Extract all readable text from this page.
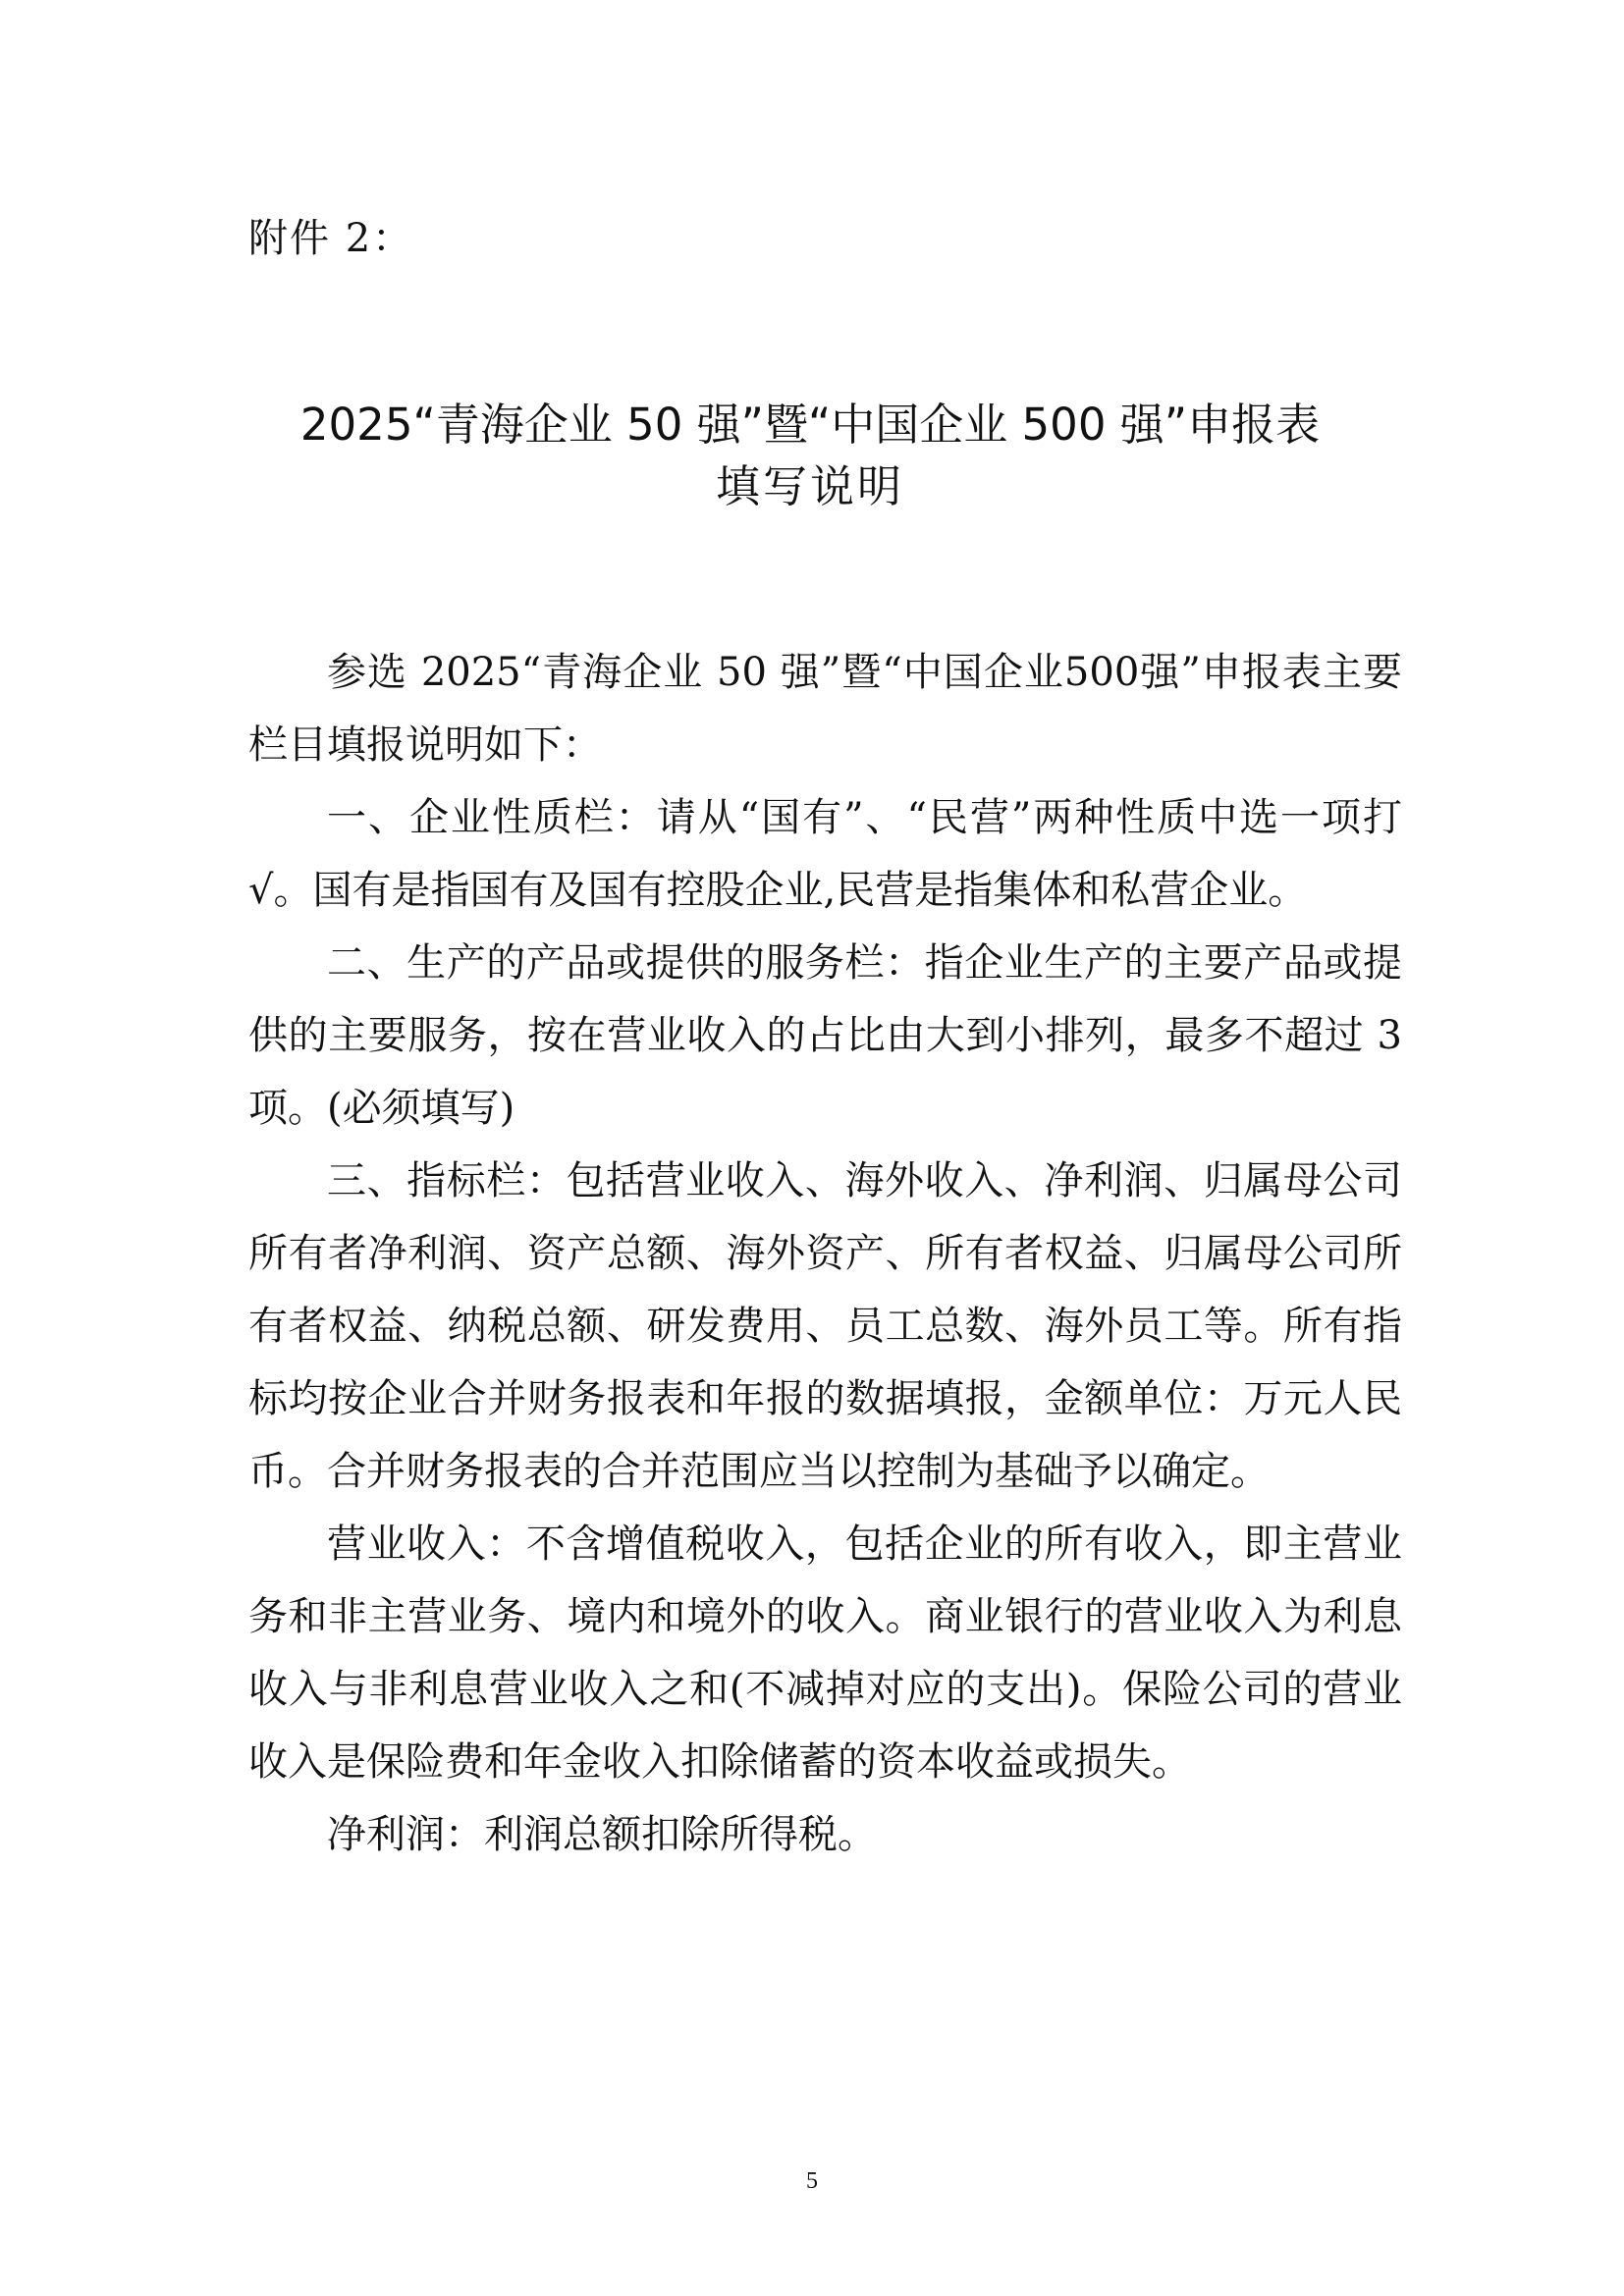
附件 2：
2025“青海企业 50 强”暨“中国企业 500 强”申报表
填写说明

参选 2025“青海企业 50 强”暨“中国企业500强”申报表主要栏目填报说明如下：

一、企业性质栏：请从“国有”、“民营”两种性质中选一项打√。国有是指国有及国有控股企业,民营是指集体和私营企业。

二、生产的产品或提供的服务栏：指企业生产的主要产品或提供的主要服务，按在营业收入的占比由大到小排列，最多不超过 3 项。(必须填写)

三、指标栏：包括营业收入、海外收入、净利润、归属母公司所有者净利润、资产总额、海外资产、所有者权益、归属母公司所有者权益、纳税总额、研发费用、员工总数、海外员工等。所有指标均按企业合并财务报表和年报的数据填报，金额单位：万元人民币。合并财务报表的合并范围应当以控制为基础予以确定。

营业收入：不含增值税收入，包括企业的所有收入，即主营业务和非主营业务、境内和境外的收入。商业银行的营业收入为利息收入与非利息营业收入之和(不减掉对应的支出)。保险公司的营业收入是保险费和年金收入扣除储蓄的资本收益或损失。

净利润：利润总额扣除所得税。

5
